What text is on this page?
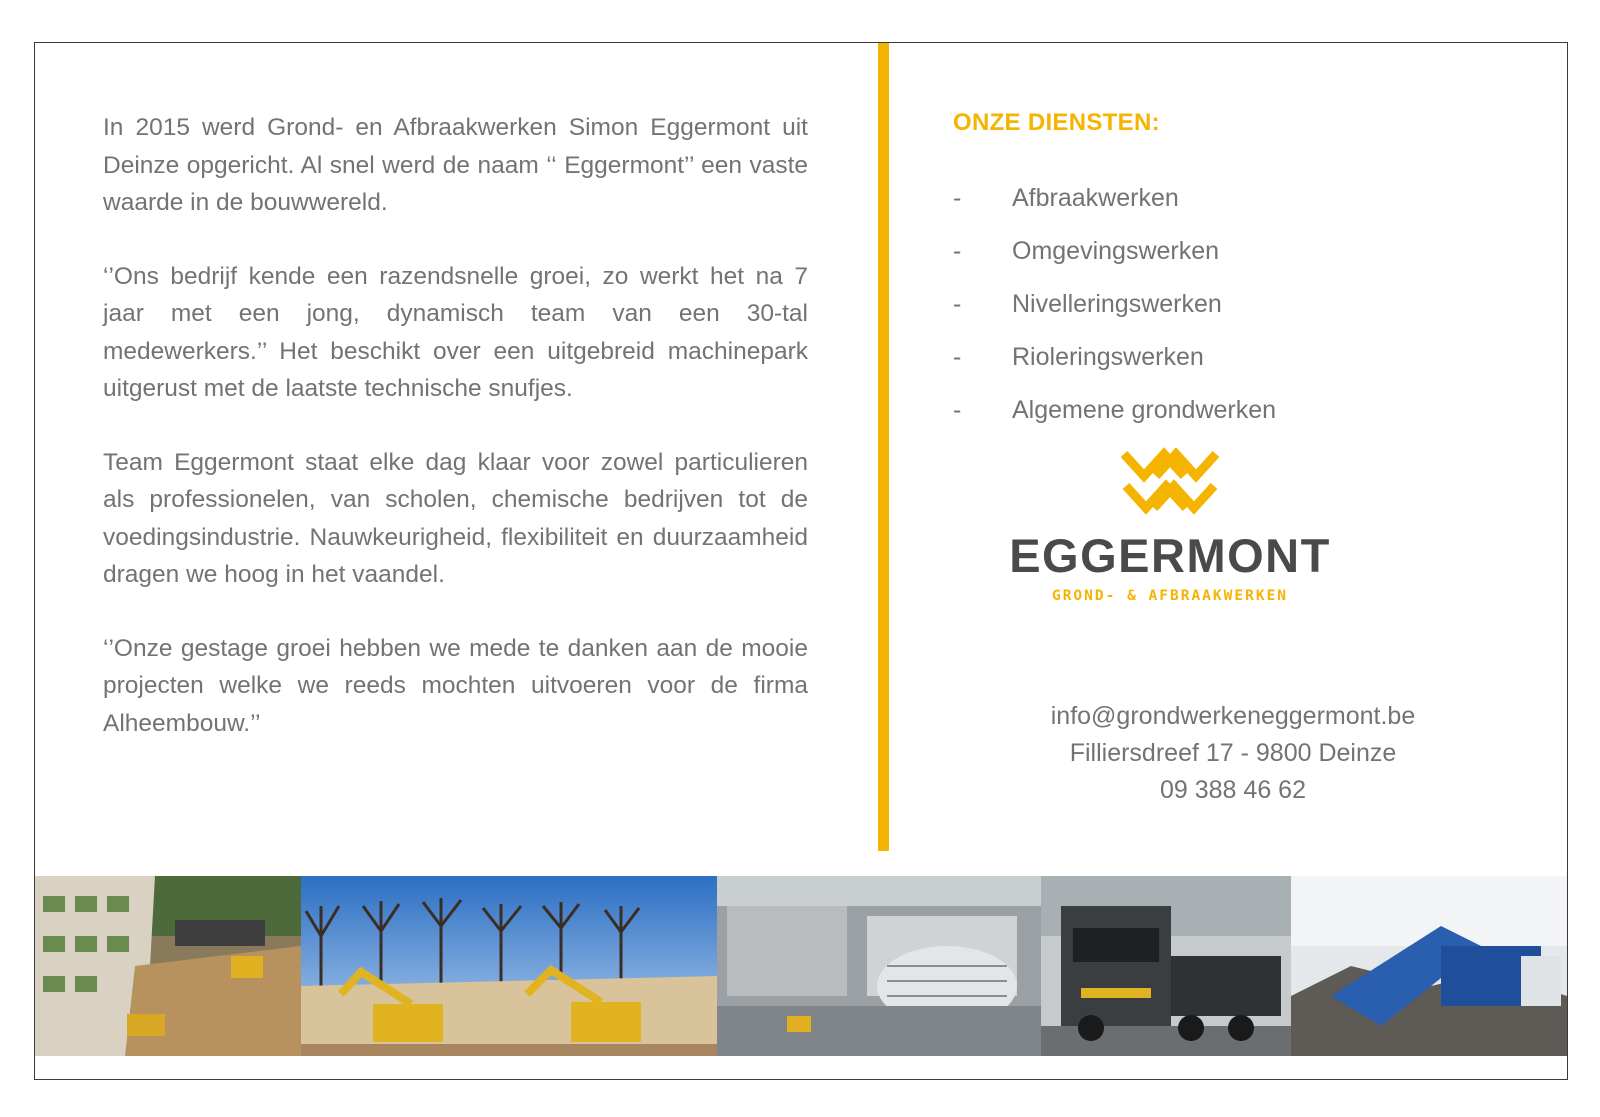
In 2015 werd Grond- en Afbraakwerken Simon Eggermont uit Deinze opgericht. Al snel werd de naam ‘‘ Eggermont’’ een vaste waarde in de bouwwereld.

‘’Ons bedrijf kende een razendsnelle groei, zo werkt het na 7 jaar met een jong, dynamisch team van een 30-tal medewerkers.’’ Het beschikt over een uitgebreid machinepark uitgerust met de laatste technische snufjes.

Team Eggermont staat elke dag klaar voor zowel particulieren als professionelen, van scholen, chemische bedrijven tot de voedingsindustrie. Nauwkeurigheid, flexibiliteit en duurzaamheid dragen we hoog in het vaandel.

‘’Onze gestage groei hebben we mede te danken aan de mooie projecten welke we reeds mochten uitvoeren voor de firma Alheembouw.’’

ONZE DIENSTEN:
-	Afbraakwerken
-	Omgevingswerken
-	Nivelleringswerken
-	Rioleringswerken
-	Algemene grondwerken
info@grondwerkeneggermont.be
Filliersdreef 17 - 9800 Deinze
09 388 46 62
EGGERMONT
GROND- & AFBRAAKWERKEN
